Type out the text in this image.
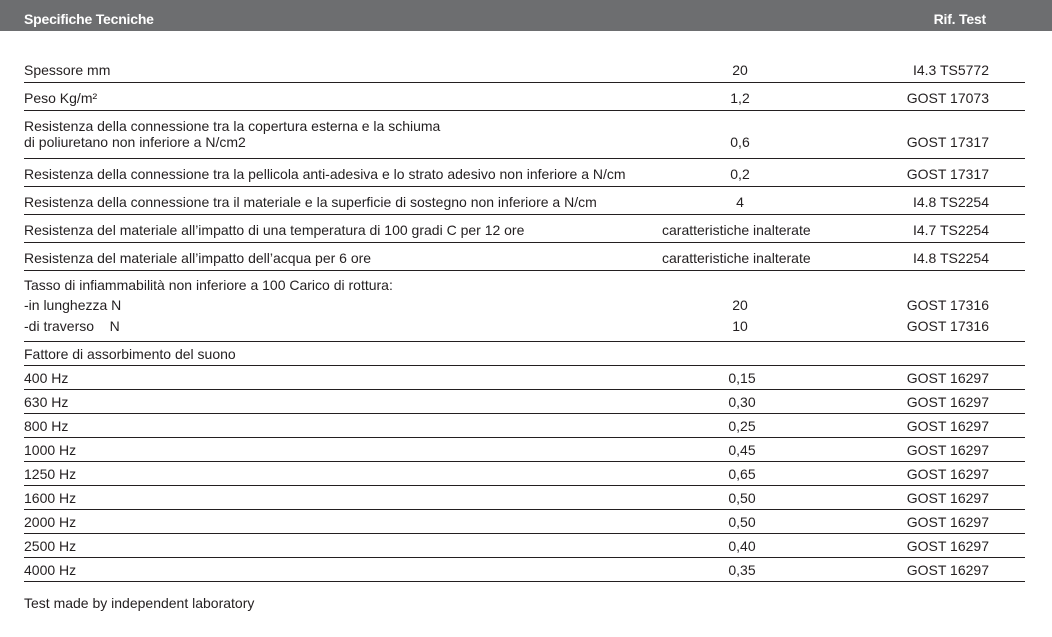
Specifiche Tecniche	Rif. Test
Spessore mm	20	I4.3 TS5772
Peso Kg/m²	1,2	GOST 17073
Resistenza della connessione tra la copertura esterna e la schiuma
di poliuretano non inferiore a N/cm2	0,6	GOST 17317
Resistenza della connessione tra la pellicola anti-adesiva e lo strato adesivo non inferiore a N/cm	0,2	GOST 17317
Resistenza della connessione tra il materiale e la superficie di sostegno non inferiore a N/cm	4	I4.8 TS2254
Resistenza del materiale all’impatto di una temperatura di 100 gradi C per 12 ore	caratteristiche inalterate	I4.7 TS2254
Resistenza del materiale all’impatto dell’acqua per 6 ore	caratteristiche inalterate	I4.8 TS2254
Tasso di infiammabilità non inferiore a 100 Carico di rottura:
-in lunghezza N	20	GOST 17316
-di traverso    N	10	GOST 17316
Fattore di assorbimento del suono
400 Hz	0,15	GOST 16297
630 Hz	0,30	GOST 16297
800 Hz	0,25	GOST 16297
1000 Hz	0,45	GOST 16297
1250 Hz	0,65	GOST 16297
1600 Hz	0,50	GOST 16297
2000 Hz	0,50	GOST 16297
2500 Hz	0,40	GOST 16297
4000 Hz	0,35	GOST 16297
Test made by independent laboratory
